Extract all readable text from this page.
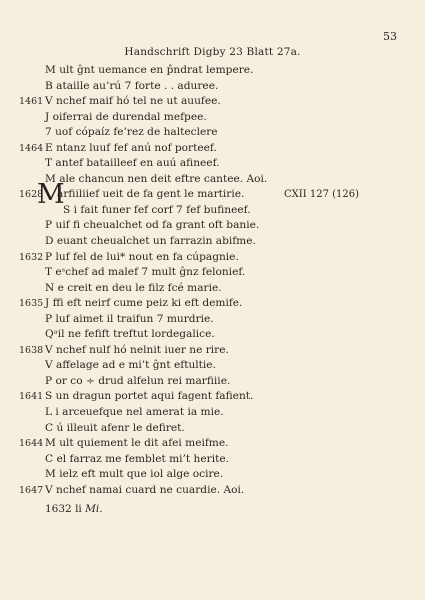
53
Handschrift Digby 23 Blatt 27a.
M
M ult ĝnt uemance en p̂ndrat lempere.
B ataille au’rú 7 forte . . aduree.
1461 V nchef maif hó tel ne ut auufee.
J oiferrai de durendal mefpee.
7 uof cópaíz fe’rez de halteclere
1464 E ntanz luuf fef anú nof porteef.
T antef batailleef en auú afineef.
M ale chancun nen deit eftre cantee. Aoi.
1628 arfiiliief ueit de fa gent le martirie.	CXII 127 (126)
S i fait funer fef corf 7 fef bufineef.
P uif fi cheualchet od fa grant oft banie.
D euant cheualchet un farrazin abifme.
1632 P luf fel de lui* nout en fa cúpagnie.
T eˢchef ad malef 7 mult ĝnz felonief.
N e creit en deu le filz fcé marie.
1635 J ffi eft neirf cume peiz ki eft demife.
P luf aimet il traifun 7 murdrie.
Qᵃil ne fefift treftut lordegalice.
1638 V nchef nulf hó nelnit iuer ne rire.
V affelage ad e mi’t ĝnt eftultie.
P or co ÷ drud alfelun rei marfiiie.
1641 S un dragun portet aqui fagent fafient.
L i arceuefque nel amerat ia mie.
C ú illeuit afenr le defiret.
1644 M ult quiement le dit afei meifme.
C el farraz me femblet mi’t herite.
M ielz eft mult que iol alge ocire.
1647 V nchef namai cuard ne cuardie. Aoi.
1632 li Mi.
